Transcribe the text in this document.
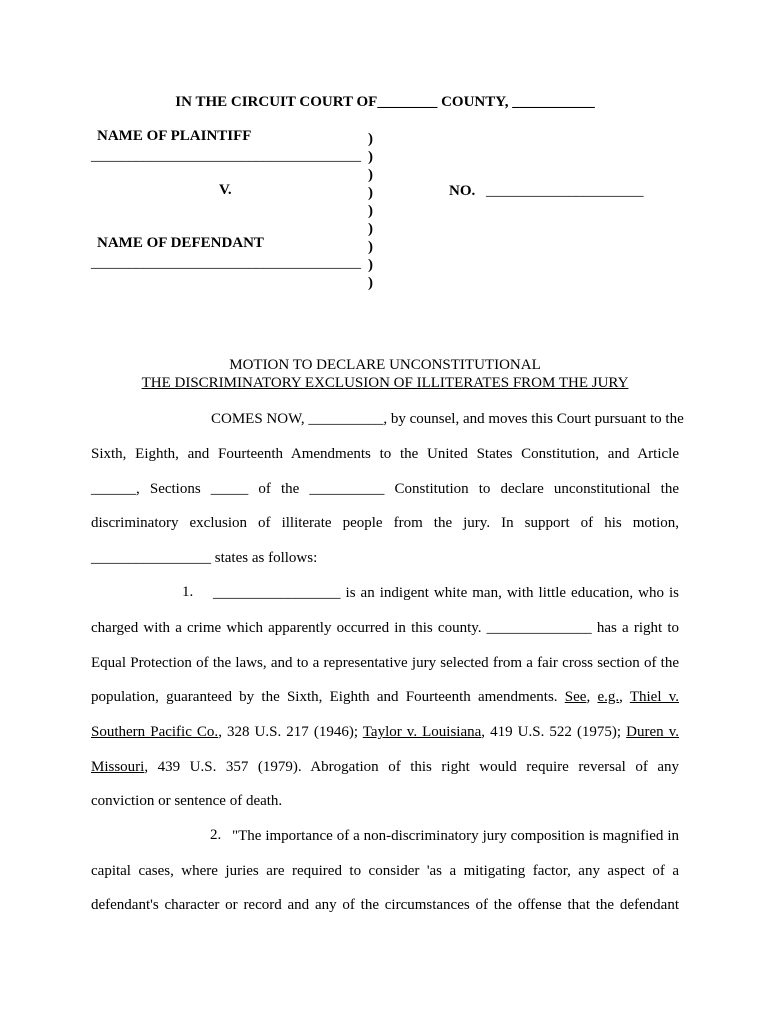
IN THE CIRCUIT COURT OF________ COUNTY, ___________
NAME OF PLAINTIFF
____________________________________
V.
NAME OF DEFENDANT
____________________________________
)
)
)
)
)
)
)
)
)
NO. _____________________
MOTION TO DECLARE UNCONSTITUTIONAL
THE DISCRIMINATORY EXCLUSION OF ILLITERATES FROM THE JURY
COMES NOW, __________, by counsel, and moves this Court pursuant to the
Sixth, Eighth, and Fourteenth Amendments to the United States Constitution, and Article
______, Sections _____ of the __________ Constitution to declare unconstitutional the
discriminatory exclusion of illiterate people from the jury. In support of his motion,
________________ states as follows:
1. _________________ is an indigent white man, with little education, who is
charged with a crime which apparently occurred in this county. ______________ has a right to
Equal Protection of the laws, and to a representative jury selected from a fair cross section of the
population, guaranteed by the Sixth, Eighth and Fourteenth amendments. See, e.g., Thiel v.
Southern Pacific Co., 328 U.S. 217 (1946); Taylor v. Louisiana, 419 U.S. 522 (1975); Duren v.
Missouri, 439 U.S. 357 (1979). Abrogation of this right would require reversal of any
conviction or sentence of death.
2. "The importance of a non-discriminatory jury composition is magnified in
capital cases, where juries are required to consider 'as a mitigating factor, any aspect of a
defendant's character or record and any of the circumstances of the offense that the defendant
